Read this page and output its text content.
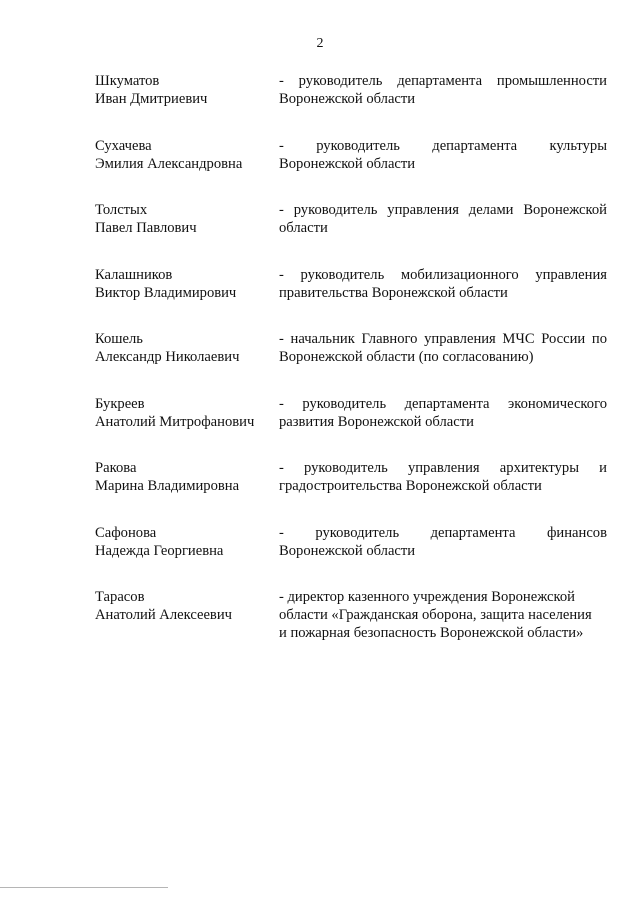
2
Шкуматов
Иван Дмитриевич
- руководитель департамента промышленности
Воронежской области
Сухачева
Эмилия Александровна
- руководитель департамента культуры
Воронежской области
Толстых
Павел Павлович
- руководитель управления делами Воронежской
области
Калашников
Виктор Владимирович
- руководитель мобилизационного управления
правительства Воронежской области
Кошель
Александр Николаевич
- начальник Главного управления МЧС России по
Воронежской области (по согласованию)
Букреев
Анатолий Митрофанович
- руководитель департамента экономического
развития Воронежской области
Ракова
Марина Владимировна
- руководитель управления архитектуры и
градостроительства Воронежской области
Сафонова
Надежда Георгиевна
- руководитель департамента финансов
Воронежской области
Тарасов
Анатолий Алексеевич
- директор казенного учреждения Воронежской
области «Гражданская оборона, защита населения
и пожарная безопасность Воронежской области»
